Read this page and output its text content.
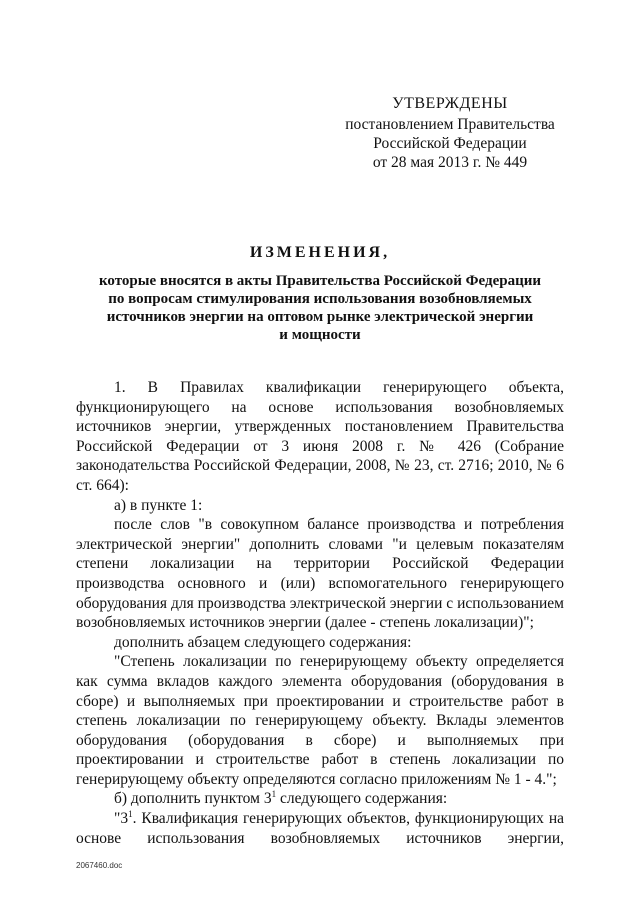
УТВЕРЖДЕНЫ
постановлением Правительства
Российской Федерации
от 28 мая 2013 г. № 449
ИЗМЕНЕНИЯ,
которые вносятся в акты Правительства Российской Федерации
по вопросам стимулирования использования возобновляемых
источников энергии на оптовом рынке электрической энергии
и мощности

1. В Правилах квалификации генерирующего объекта, функционирующего на основе использования возобновляемых источников энергии, утвержденных постановлением Правительства Российской Федерации от 3 июня 2008 г. № 426 (Собрание законодательства Российской Федерации, 2008, № 23, ст. 2716; 2010, № 6 ст. 664):

а) в пункте 1:

после слов "в совокупном балансе производства и потребления электрической энергии" дополнить словами "и целевым показателям степени локализации на территории Российской Федерации производства основного и (или) вспомогательного генерирующего оборудования для производства электрической энергии с использованием возобновляемых источников энергии (далее - степень локализации)";

дополнить абзацем следующего содержания:

"Степень локализации по генерирующему объекту определяется как сумма вкладов каждого элемента оборудования (оборудования в сборе) и выполняемых при проектировании и строительстве работ в степень локализации по генерирующему объекту. Вклады элементов оборудования (оборудования в сборе) и выполняемых при проектировании и строительстве работ в степень локализации по генерирующему объекту определяются согласно приложениям № 1 - 4.";

б) дополнить пунктом $3^1$ следующего содержания:

"$3^1$. Квалификация генерирующих объектов, функционирующих на основе использования возобновляемых источников энергии,

2067460.doc
